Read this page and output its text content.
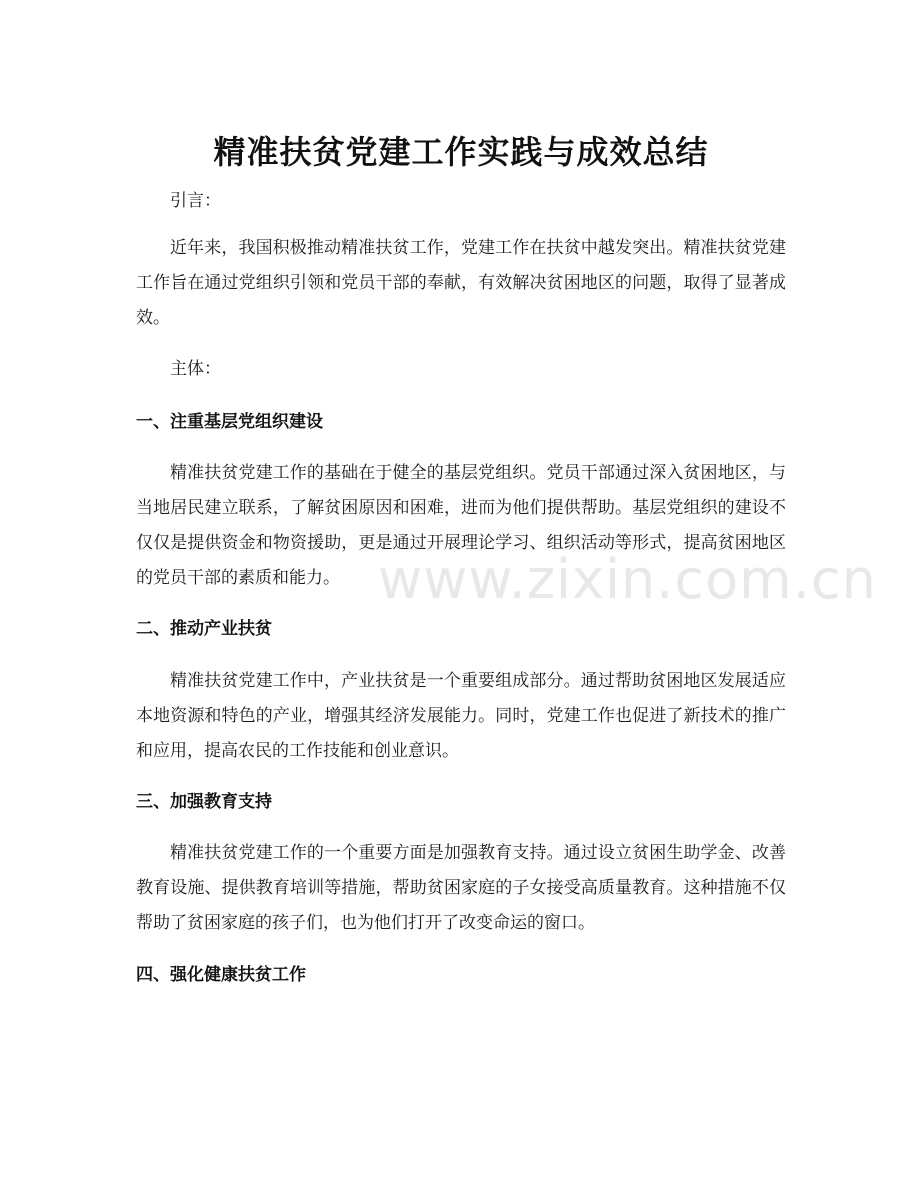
精准扶贫党建工作实践与成效总结

引言：

近年来，我国积极推动精准扶贫工作，党建工作在扶贫中越发突出。精准扶贫党建工作旨在通过党组织引领和党员干部的奉献，有效解决贫困地区的问题，取得了显著成效。

主体：

一、注重基层党组织建设

精准扶贫党建工作的基础在于健全的基层党组织。党员干部通过深入贫困地区，与当地居民建立联系，了解贫困原因和困难，进而为他们提供帮助。基层党组织的建设不仅仅是提供资金和物资援助，更是通过开展理论学习、组织活动等形式，提高贫困地区的党员干部的素质和能力。

二、推动产业扶贫

精准扶贫党建工作中，产业扶贫是一个重要组成部分。通过帮助贫困地区发展适应本地资源和特色的产业，增强其经济发展能力。同时，党建工作也促进了新技术的推广和应用，提高农民的工作技能和创业意识。

三、加强教育支持

精准扶贫党建工作的一个重要方面是加强教育支持。通过设立贫困生助学金、改善教育设施、提供教育培训等措施，帮助贫困家庭的子女接受高质量教育。这种措施不仅帮助了贫困家庭的孩子们，也为他们打开了改变命运的窗口。

四、强化健康扶贫工作
www.zixin.com.cn
